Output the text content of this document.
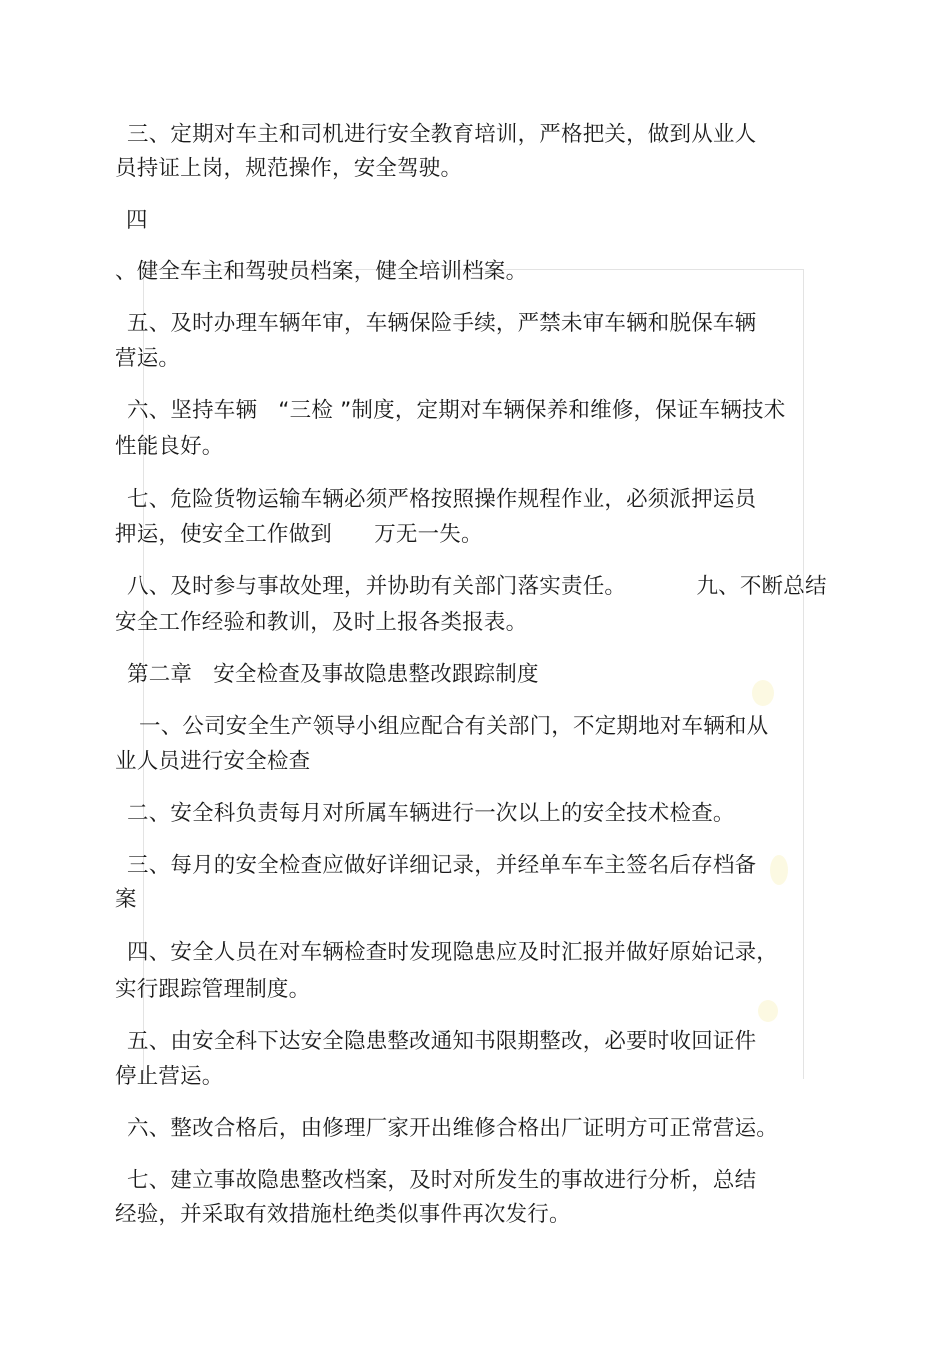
三、定期对车主和司机进行安全教育培训，严格把关，做到从业人

员持证上岗，规范操作，安全驾驶。

四

、健全车主和驾驶员档案，健全培训档案。

五、及时办理车辆年审，车辆保险手续，严禁未审车辆和脱保车辆

营运。

六、坚持车辆   “三检 ”制度，定期对车辆保养和维修，保证车辆技术

性能良好。

七、危险货物运输车辆必须严格按照操作规程作业，必须派押运员

押运，使安全工作做到      万无一失。

八、及时参与事故处理，并协助有关部门落实责任。          九、不断总结

安全工作经验和教训，及时上报各类报表。

第二章   安全检查及事故隐患整改跟踪制度

一、公司安全生产领导小组应配合有关部门，不定期地对车辆和从

业人员进行安全检查

二、安全科负责每月对所属车辆进行一次以上的安全技术检查。

三、每月的安全检查应做好详细记录，并经单车车主签名后存档备

案

四、安全人员在对车辆检查时发现隐患应及时汇报并做好原始记录，

实行跟踪管理制度。

五、由安全科下达安全隐患整改通知书限期整改，必要时收回证件

停止营运。

六、整改合格后，由修理厂家开出维修合格出厂证明方可正常营运。

七、建立事故隐患整改档案，及时对所发生的事故进行分析，总结

经验，并采取有效措施杜绝类似事件再次发行。
